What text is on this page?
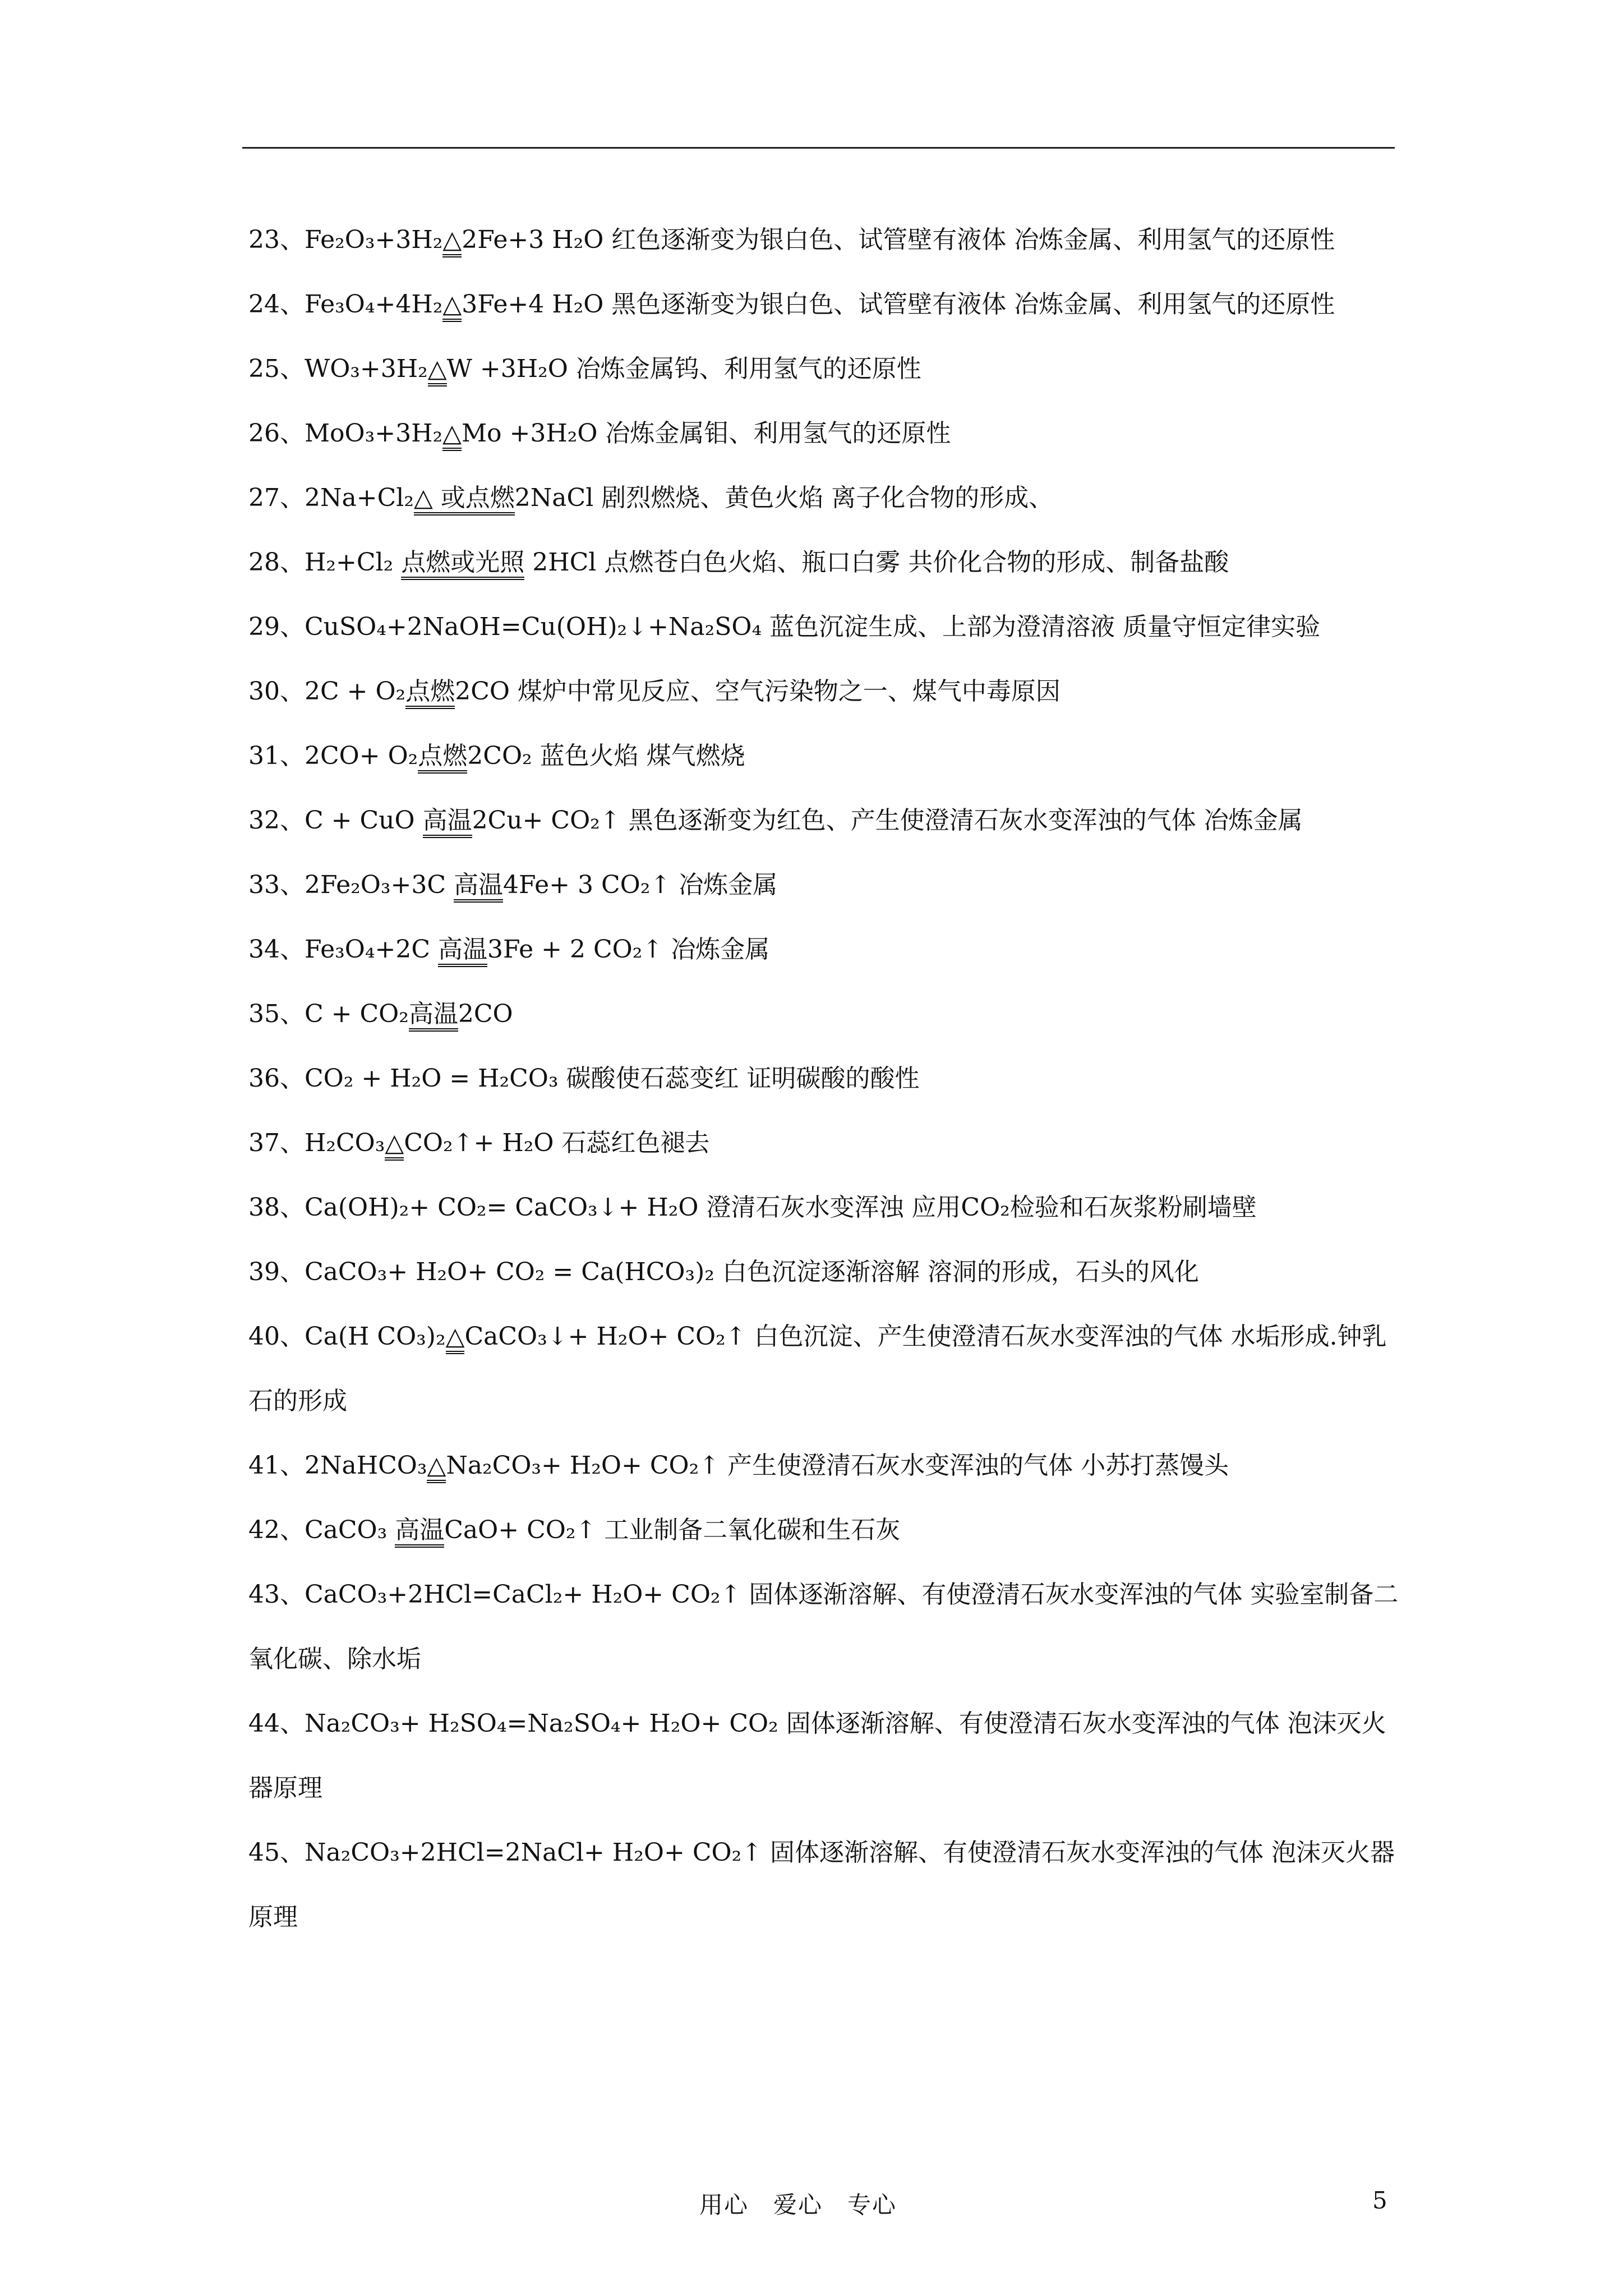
23、Fe₂O₃+3H₂△2Fe+3 H₂O 红色逐渐变为银白色、试管壁有液体 冶炼金属、利用氢气的还原性

24、Fe₃O₄+4H₂△3Fe+4 H₂O 黑色逐渐变为银白色、试管壁有液体 冶炼金属、利用氢气的还原性

25、WO₃+3H₂△W +3H₂O 冶炼金属钨、利用氢气的还原性

26、MoO₃+3H₂△Mo +3H₂O 冶炼金属钼、利用氢气的还原性

27、2Na+Cl₂△ 或点燃2NaCl 剧烈燃烧、黄色火焰 离子化合物的形成、

28、H₂+Cl₂ 点燃或光照 2HCl 点燃苍白色火焰、瓶口白雾 共价化合物的形成、制备盐酸

29、CuSO₄+2NaOH=Cu(OH)₂↓+Na₂SO₄ 蓝色沉淀生成、上部为澄清溶液 质量守恒定律实验

30、2C + O₂点燃2CO 煤炉中常见反应、空气污染物之一、煤气中毒原因

31、2CO+ O₂点燃2CO₂ 蓝色火焰 煤气燃烧

32、C + CuO 高温2Cu+ CO₂↑ 黑色逐渐变为红色、产生使澄清石灰水变浑浊的气体 冶炼金属

33、2Fe₂O₃+3C 高温4Fe+ 3 CO₂↑ 冶炼金属

34、Fe₃O₄+2C 高温3Fe + 2 CO₂↑ 冶炼金属

35、C + CO₂高温2CO

36、CO₂ + H₂O = H₂CO₃ 碳酸使石蕊变红 证明碳酸的酸性

37、H₂CO₃△CO₂↑+ H₂O 石蕊红色褪去

38、Ca(OH)₂+ CO₂= CaCO₃↓+ H₂O 澄清石灰水变浑浊 应用CO₂检验和石灰浆粉刷墙壁

39、CaCO₃+ H₂O+ CO₂ = Ca(HCO₃)₂ 白色沉淀逐渐溶解 溶洞的形成，石头的风化

40、Ca(H CO₃)₂△CaCO₃↓+ H₂O+ CO₂↑ 白色沉淀、产生使澄清石灰水变浑浊的气体 水垢形成.钟乳石的形成

41、2NaHCO₃△Na₂CO₃+ H₂O+ CO₂↑ 产生使澄清石灰水变浑浊的气体 小苏打蒸馒头

42、CaCO₃ 高温CaO+ CO₂↑ 工业制备二氧化碳和生石灰

43、CaCO₃+2HCl=CaCl₂+ H₂O+ CO₂↑ 固体逐渐溶解、有使澄清石灰水变浑浊的气体 实验室制备二氧化碳、除水垢

44、Na₂CO₃+ H₂SO₄=Na₂SO₄+ H₂O+ CO₂ 固体逐渐溶解、有使澄清石灰水变浑浊的气体 泡沫灭火器原理

45、Na₂CO₃+2HCl=2NaCl+ H₂O+ CO₂↑ 固体逐渐溶解、有使澄清石灰水变浑浊的气体 泡沫灭火器原理

用心　爱心　专心	5
